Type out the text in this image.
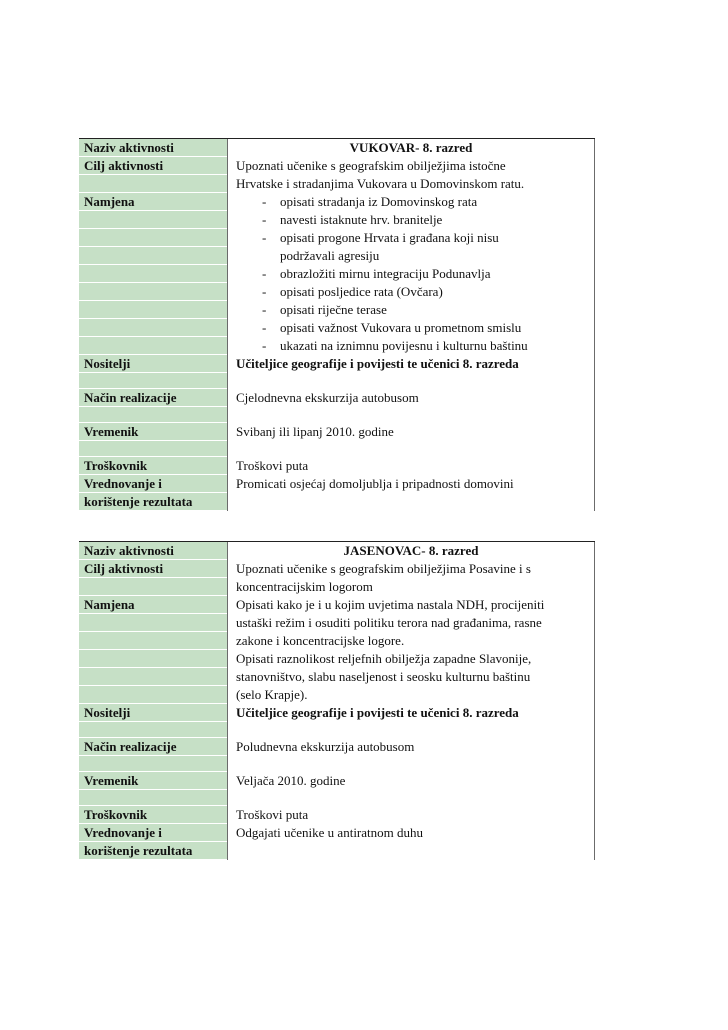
Naziv aktivnosti	VUKOVAR- 8. razred
Cilj aktivnosti	Upoznati učenike s geografskim obilježjima istočne

Hrvatske i stradanjima Vukovara u Domovinskom ratu.
Namjena
-	opisati stradanja iz Domovinskog rata

- navesti istaknute hrv. branitelje

- opisati progone Hrvata i građana koji nisu

podržavali agresiju

- obrazložiti mirnu integraciju Podunavlja

- opisati posljedice rata (Ovčara)

- opisati riječne terase

- opisati važnost Vukovara u prometnom smislu

- ukazati na iznimnu povijesnu i kulturnu baštinu
Nositelji	Učiteljice geografije i povijesti te učenici 8. razreda
Način realizacije	Cjelodnevna ekskurzija autobusom
Vremenik	Svibanj ili lipanj 2010. godine
Troškovnik	Troškovi puta
Vrednovanje i	Promicati osjećaj domoljublja i pripadnosti domovini
korištenje rezultata
Naziv aktivnosti	JASENOVAC- 8. razred
Cilj aktivnosti	Upoznati učenike s geografskim obilježjima Posavine i s

koncentracijskim logorom
Namjena	Opisati kako je i u kojim uvjetima nastala NDH, procijeniti

ustaški režim i osuditi politiku terora nad građanima, rasne

zakone i koncentracijske logore.

Opisati raznolikost reljefnih obilježja zapadne Slavonije,

stanovništvo, slabu naseljenost i seosku kulturnu baštinu

(selo Krapje).
Nositelji	Učiteljice geografije i povijesti te učenici 8. razreda
Način realizacije	Poludnevna ekskurzija autobusom
Vremenik	Veljača 2010. godine
Troškovnik	Troškovi puta
Vrednovanje i	Odgajati učenike u antiratnom duhu
korištenje rezultata
